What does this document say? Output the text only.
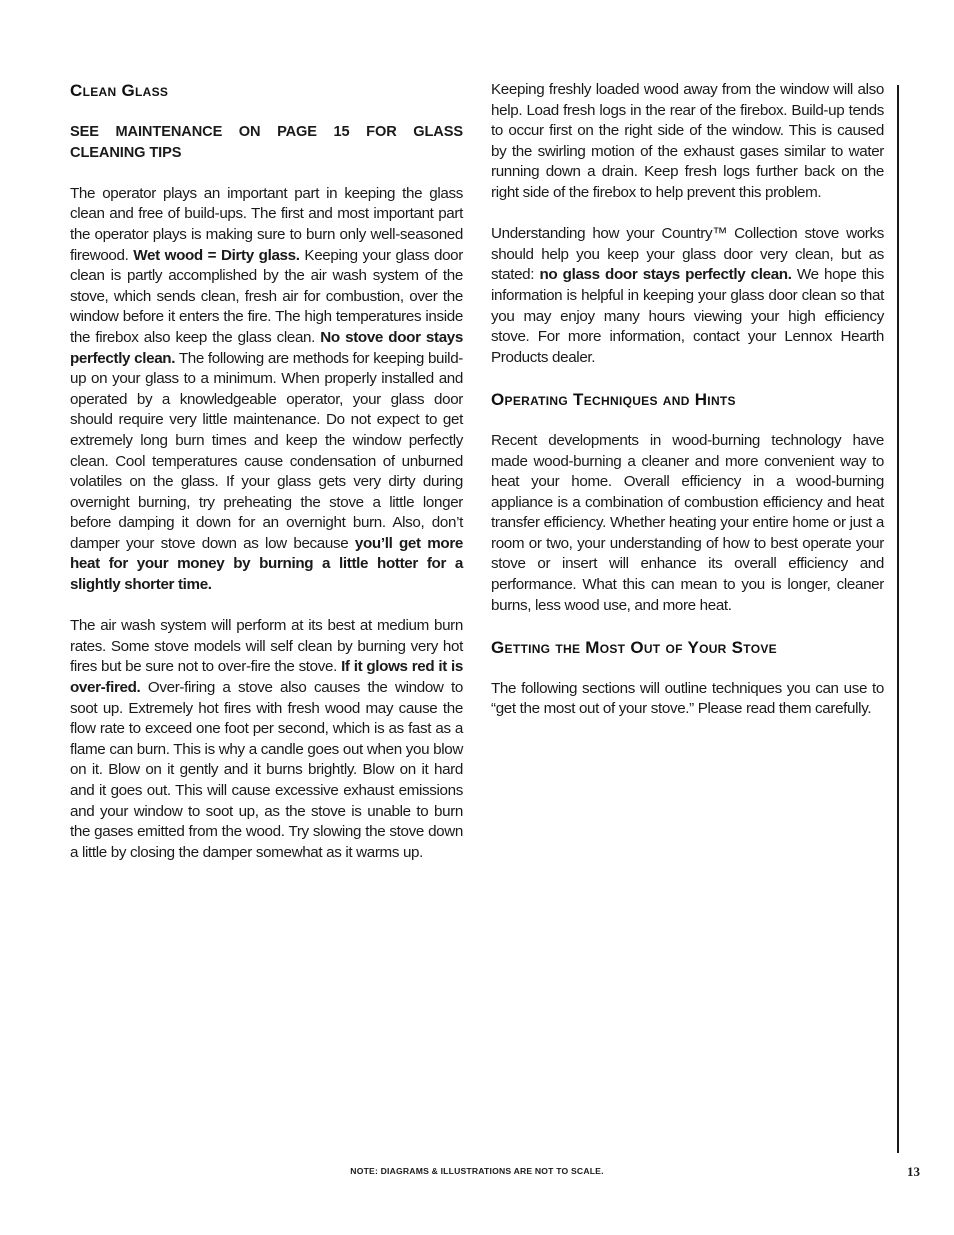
Clean Glass

SEE MAINTENANCE ON PAGE 15 FOR GLASS CLEANING TIPS

The operator plays an important part in keeping the glass clean and free of build-ups. The first and most important part the operator plays is making sure to burn only well-seasoned firewood. Wet wood = Dirty glass. Keeping your glass door clean is partly accomplished by the air wash system of the stove, which sends clean, fresh air for combustion, over the window before it enters the fire. The high temperatures inside the firebox also keep the glass clean. No stove door stays perfectly clean. The following are methods for keeping build-up on your glass to a minimum. When properly installed and operated by a knowledgeable operator, your glass door should require very little maintenance. Do not expect to get extremely long burn times and keep the window perfectly clean. Cool temperatures cause condensation of unburned volatiles on the glass. If your glass gets very dirty during overnight burning, try preheating the stove a little longer before damping it down for an overnight burn. Also, don’t damper your stove down as low because you’ll get more heat for your money by burning a little hotter for a slightly shorter time.

The air wash system will perform at its best at medium burn rates. Some stove models will self clean by burning very hot fires but be sure not to over-fire the stove. If it glows red it is over-fired. Over-firing a stove also causes the window to soot up. Extremely hot fires with fresh wood may cause the flow rate to exceed one foot per second, which is as fast as a flame can burn. This is why a candle goes out when you blow on it. Blow on it gently and it burns brightly. Blow on it hard and it goes out. This will cause excessive exhaust emissions and your window to soot up, as the stove is unable to burn the gases emitted from the wood. Try slowing the stove down a little by closing the damper somewhat as it warms up.

Keeping freshly loaded wood away from the window will also help. Load fresh logs in the rear of the firebox. Build-up tends to occur first on the right side of the window. This is caused by the swirling motion of the exhaust gases similar to water running down a drain. Keep fresh logs further back on the right side of the firebox to help prevent this problem.

Understanding how your Country™ Collection stove works should help you keep your glass door very clean, but as stated: no glass door stays perfectly clean. We hope this information is helpful in keeping your glass door clean so that you may enjoy many hours viewing your high efficiency stove. For more information, contact your Lennox Hearth Products dealer.

Operating Techniques and Hints

Recent developments in wood-burning technology have made wood-burning a cleaner and more convenient way to heat your home. Overall efficiency in a wood-burning appliance is a combination of combustion efficiency and heat transfer efficiency. Whether heating your entire home or just a room or two, your understanding of how to best operate your stove or insert will enhance its overall efficiency and performance. What this can mean to you is longer, cleaner burns, less wood use, and more heat.

Getting the Most Out of Your Stove

The following sections will outline techniques you can use to “get the most out of your stove.” Please read them carefully.

NOTE: DIAGRAMS & ILLUSTRATIONS ARE NOT TO SCALE.	13
